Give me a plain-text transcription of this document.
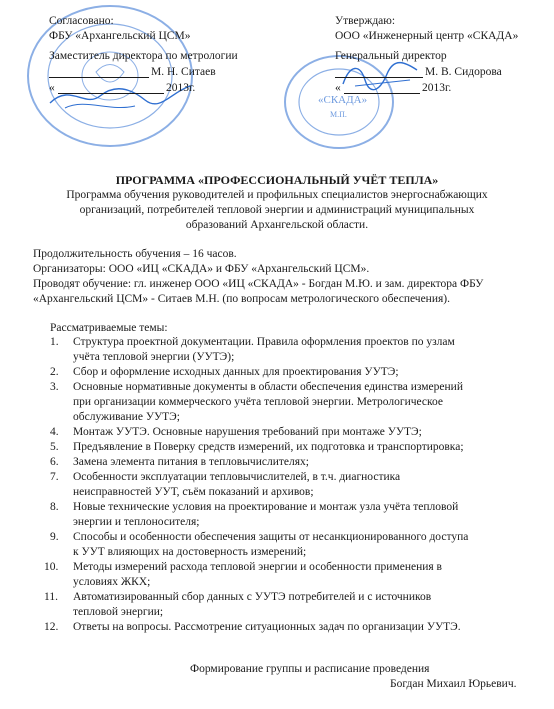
«СКАДА»
М.П.
Согласовано:
ФБУ «Архангельский ЦСМ»
Заместитель директора по метрологии
М. Н. Ситаев
«	2013г.
Утверждаю:
ООО «Инженерный центр «СКАДА»
Генеральный директор
М. В. Сидорова
«	2013г.
ПРОГРАММА «ПРОФЕССИОНАЛЬНЫЙ УЧЁТ ТЕПЛА»
Программа обучения руководителей и профильных специалистов энергоснабжающих
организаций, потребителей тепловой энергии и администраций муниципальных
образований Архангельской области.
Продолжительность обучения – 16 часов.
Организаторы: ООО «ИЦ «СКАДА» и ФБУ «Архангельский ЦСМ».
Проводят обучение: гл. инженер ООО «ИЦ «СКАДА» - Богдан М.Ю. и зам. директора ФБУ
«Архангельский ЦСМ» - Ситаев М.Н. (по вопросам метрологического обеспечения).
Рассматриваемые темы:
1. Структура проектной документации. Правила оформления проектов по узлам
учёта тепловой энергии (УУТЭ);
2. Сбор и оформление исходных данных для проектирования УУТЭ;
3. Основные нормативные документы в области обеспечения единства измерений
при организации коммерческого учёта тепловой энергии. Метрологическое
обслуживание УУТЭ;
4. Монтаж УУТЭ. Основные нарушения требований при монтаже УУТЭ;
5. Предъявление в Поверку средств измерений, их подготовка и транспортировка;
6. Замена элемента питания в тепловычислителях;
7. Особенности эксплуатации тепловычислителей, в т.ч. диагностика
неисправностей УУТ, съём показаний и архивов;
8. Новые технические условия на проектирование и монтаж узла учёта тепловой
энергии и теплоносителя;
9. Способы и особенности обеспечения защиты от несанкционированного доступа
к УУТ влияющих на достоверность измерений;
10. Методы измерений расхода тепловой энергии и особенности применения в
условиях ЖКХ;
11. Автоматизированный сбор данных с УУТЭ потребителей и с источников
тепловой энергии;
12. Ответы на вопросы. Рассмотрение ситуационных задач по организации УУТЭ.
Формирование группы и расписание проведения
Богдан Михаил Юрьевич.
